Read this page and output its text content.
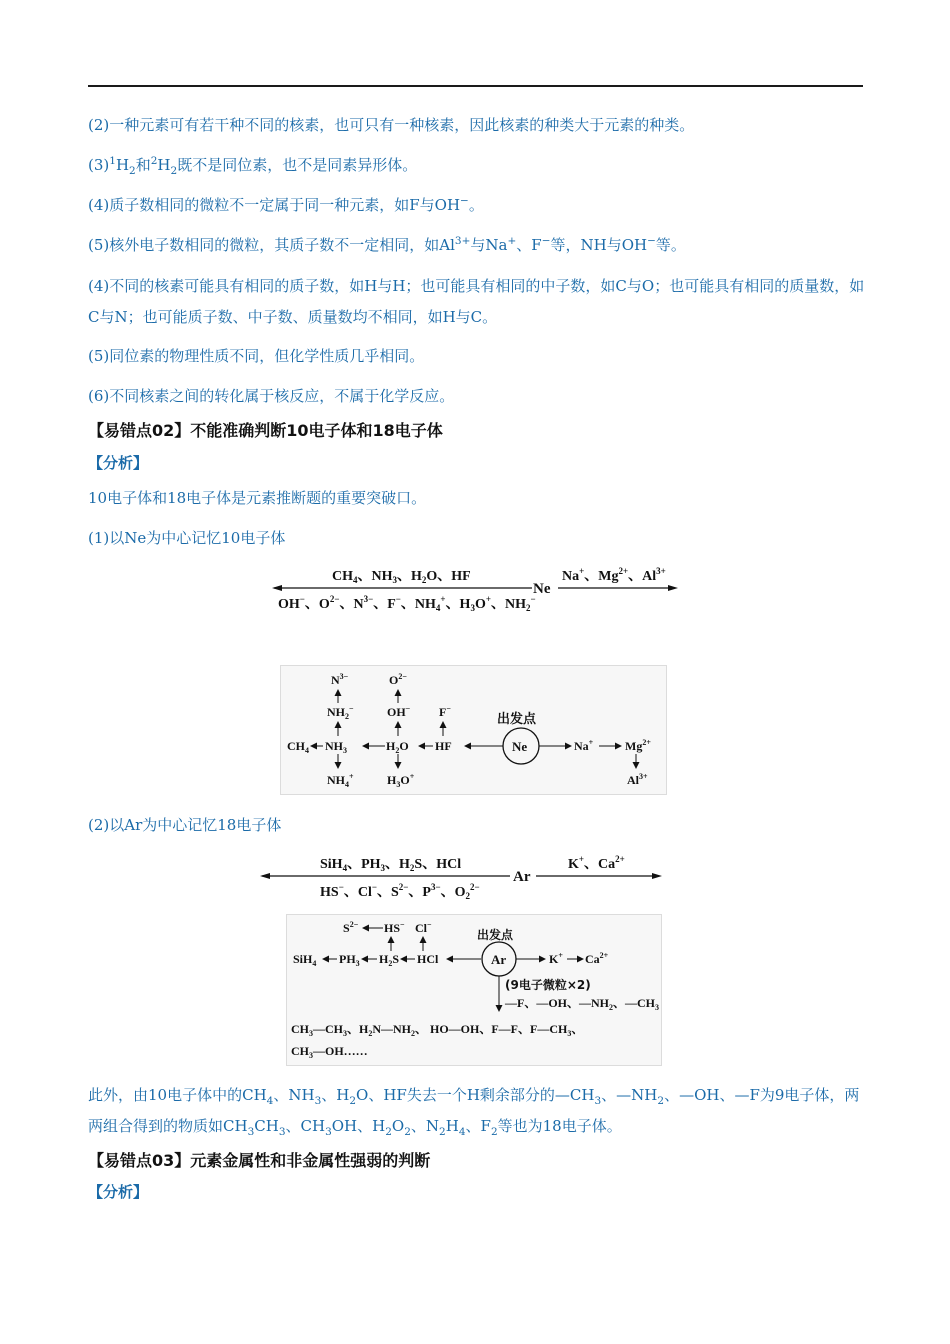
(2)一种元素可有若干种不同的核素，也可只有一种核素，因此核素的种类大于元素的种类。
$(3)^1H_2$和$^2H_2$既不是同位素，也不是同素异形体。
(4)质子数相同的微粒不一定属于同一种元素，如F与OH−。
(5)核外电子数相同的微粒，其质子数不一定相同，如$Al^{3+}$与Na+、F−等，NH与OH−等。
(4)不同的核素可能具有相同的质子数，如H与H；也可能具有相同的中子数，如C与O；也可能具有相同的质量数，如C与N；也可能质子数、中子数、质量数均不相同，如H与C。
(5)同位素的物理性质不同，但化学性质几乎相同。
(6)不同核素之间的转化属于核反应，不属于化学反应。
【易错点02】不能准确判断10电子体和18电子体
【分析】
10电子体和18电子体是元素推断题的重要突破口。
(1)以Ne为中心记忆10电子体
$CH_4$、$NH_3$、$H_2O$、HF
Ne
Na+、$Mg^{2+}$、$Al^{3+}$
OH−、$O^{2-}$、$N^{3-}$、F−、$NH_4^+$、$H_3O^+$、$NH_2^-$
$N^{3-}$
$NH_2^-$
$CH_4$ $NH_3$
$NH_4^+$
$O^{2-}$
OH−
$H_2O$
$H_3O^+$
F−
HF
出发点
Ne	Na+	$Mg^{2+}$
$Al^{3+}$
(2)以Ar为中心记忆18电子体
SiH$_4$、$PH_3$、$H_2S$、HCl
Ar
K+、$Ca^{2+}$
HS−、Cl−、$S^{2-}$、$P^{3-}$、$O_2^{2-}$
$S^{2-}$ HS− Cl−
出发点
SiH$_4$ $PH_3$ $H_2S$ HCl	Ar	K+ $Ca^{2+}$
(9电子微粒×2)
—F、—OH、$—NH_2$、$—CH_3$
$CH_3—CH_3$、$H_2N—NH_2$、 HO—OH、F—F、$F—CH_3$、
$CH_3—OH\dots\dots$
此外，由10电子体中的$CH_4$、$NH_3$、$H_2O$、HF失去一个H剩余部分的$—CH_3$、$—NH_2$、—OH、—F为9电子体，两两组合得到的物质如$CH_3CH_3$、$CH_3OH$、$H_2O_2$、$N_2H_4$、$F_2$等也为18电子体。
【易错点03】元素金属性和非金属性强弱的判断
【分析】
